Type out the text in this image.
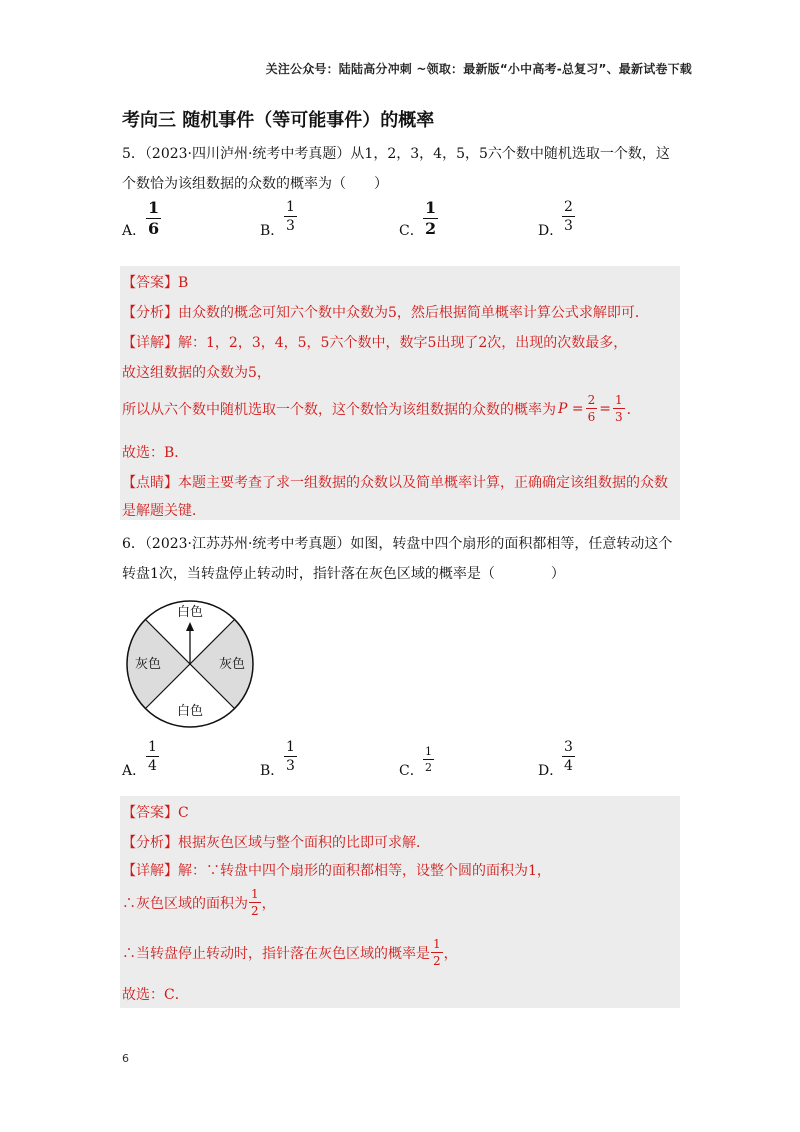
关注公众号：陆陆高分冲刺 ~领取：最新版“小中高考-总复习”、最新试卷下载
考向三 随机事件（等可能事件）的概率
5．（2023·四川泸州·统考中考真题）从1，2，3，4，5，5六个数中随机选取一个数，这
个数恰为该组数据的众数的概率为（　　）
A． $\frac{1}{6}$	B． $\frac{1}{3}$	C． $\frac{1}{2}$	D．
$\frac{2}{3}$
【答案】B
【分析】由众数的概念可知六个数中众数为5，然后根据简单概率计算公式求解即可．
【详解】解：1，2，3，4，5，5六个数中，数字5出现了2次，出现的次数最多，
故这组数据的众数为5，
所以从六个数中随机选取一个数，这个数恰为该组数据的众数的概率为 $P = \frac{2}{6} = \frac{1}{3}$ ．
故选：B．
【点睛】本题主要考查了求一组数据的众数以及简单概率计算，正确确定该组数据的众数
是解题关键．
6．（2023·江苏苏州·统考中考真题）如图，转盘中四个扇形的面积都相等，任意转动这个
转盘1次，当转盘停止转动时，指针落在灰色区域的概率是（　　　　）
白色
灰色	灰色
白色
A． $\frac{1}{4}$	B． $\frac{1}{3}$	C． $\frac{1}{2}$	D．
$\frac{3}{4}$
【答案】C
【分析】根据灰色区域与整个面积的比即可求解．
【详解】解：∵转盘中四个扇形的面积都相等，设整个圆的面积为1，
∴灰色区域的面积为 $\frac{1}{2}$ ，
∴当转盘停止转动时，指针落在灰色区域的概率是 $\frac{1}{2}$ ，
故选：C．
6
